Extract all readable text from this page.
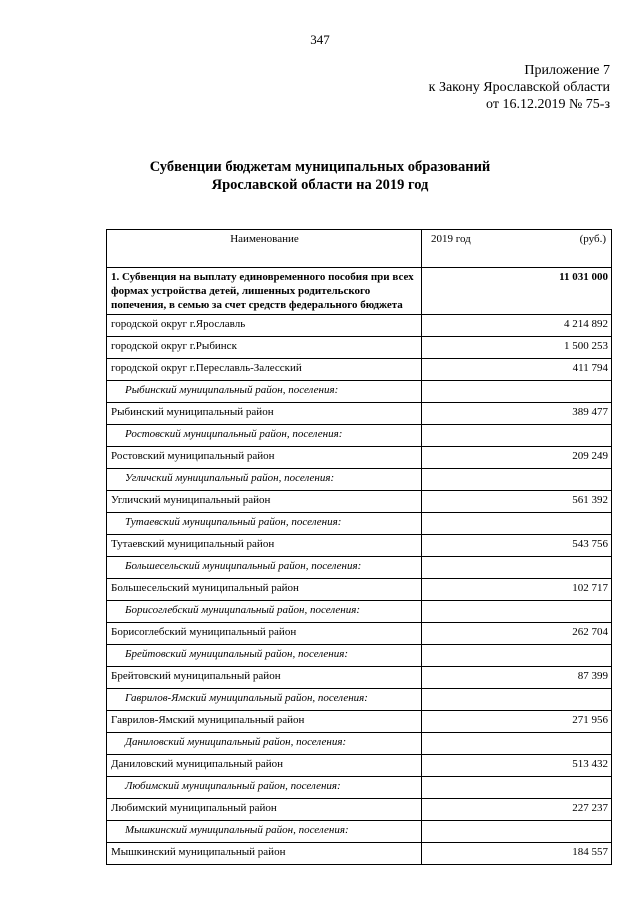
347
Приложение 7
к Закону Ярославской области
от 16.12.2019 № 75-з
Субвенции бюджетам муниципальных образований Ярославской области на 2019 год
Наименование	2019 год (руб.)

1. Субвенция на выплату единовременного пособия при всех формах устройства детей, лишенных родительского попечения, в семью за счет средств федерального бюджета	11 031 000
городской округ г.Ярославль	4 214 892
городской округ г.Рыбинск	1 500 253
городской округ г.Переславль-Залесский	411 794
Рыбинский муниципальный район, поселения:	
Рыбинский муниципальный район	389 477
Ростовский муниципальный район, поселения:	
Ростовский муниципальный район	209 249
Угличский муниципальный район, поселения:	
Угличский муниципальный район	561 392
Тутаевский муниципальный район, поселения:	
Тутаевский муниципальный район	543 756
Большесельский муниципальный район, поселения:	
Большесельский муниципальный район	102 717
Борисоглебский муниципальный район, поселения:	
Борисоглебский муниципальный район	262 704
Брейтовский муниципальный район, поселения:	
Брейтовский муниципальный район	87 399
Гаврилов-Ямский муниципальный район, поселения:	
Гаврилов-Ямский муниципальный район	271 956
Даниловский муниципальный район, поселения:	
Даниловский муниципальный район	513 432
Любимский муниципальный район, поселения:	
Любимский муниципальный район	227 237
Мышкинский муниципальный район, поселения:	
Мышкинский муниципальный район	184 557
